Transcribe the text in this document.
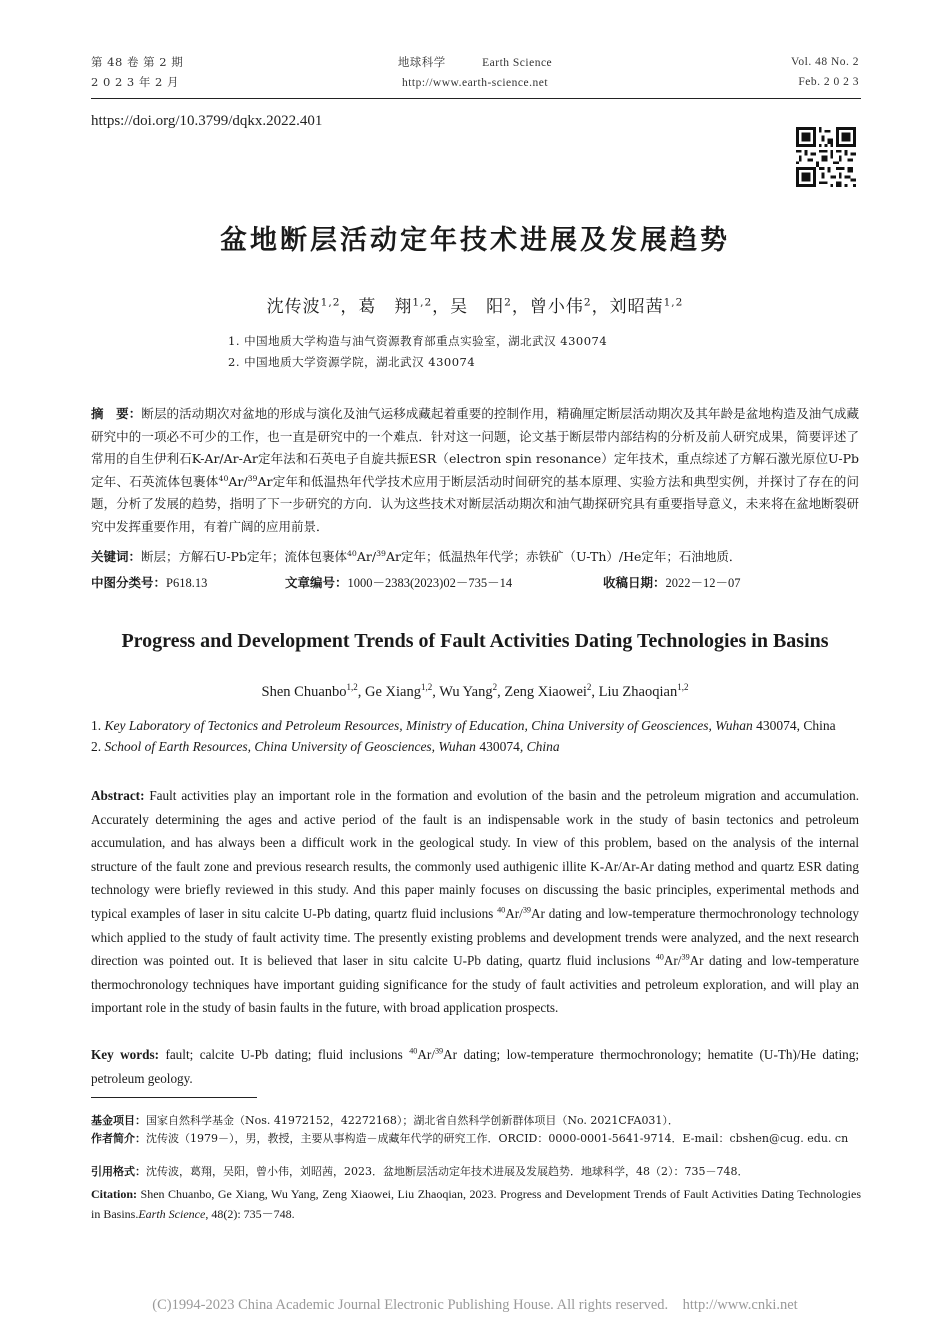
第 48 卷 第 2 期
2 0 2 3 年 2 月
地球科学	Earth Science
http://www.earth-science.net
Vol. 48 No. 2
Feb. 2 0 2 3
https://doi.org/10.3799/dqkx.2022.401
盆地断层活动定年技术进展及发展趋势
沈传波$^{1,2}$，葛　翔$^{1,2}$，吴　阳$^2$，曾小伟$^2$，刘昭茜$^{1,2}$
1. 中国地质大学构造与油气资源教育部重点实验室，湖北武汉 430074
2. 中国地质大学资源学院，湖北武汉 430074
摘　要：断层的活动期次对盆地的形成与演化及油气运移成藏起着重要的控制作用，精确厘定断层活动期次及其年龄是盆地构造及油气成藏研究中的一项必不可少的工作，也一直是研究中的一个难点．针对这一问题，论文基于断层带内部结构的分析及前人研究成果，简要评述了常用的自生伊利石K-Ar/Ar-Ar定年法和石英电子自旋共振ESR（electron spin resonance）定年技术，重点综述了方解石激光原位U-Pb定年、石英流体包裹体$^{40}$Ar/$^{39}$Ar定年和低温热年代学技术应用于断层活动时间研究的基本原理、实验方法和典型实例，并探讨了存在的问题，分析了发展的趋势，指明了下一步研究的方向．认为这些技术对断层活动期次和油气勘探研究具有重要指导意义，未来将在盆地断裂研究中发挥重要作用，有着广阔的应用前景．
关键词：断层；方解石U-Pb定年；流体包裹体$^{40}$Ar/$^{39}$Ar定年；低温热年代学；赤铁矿（U-Th）/He定年；石油地质．
中图分类号：P618.13	文章编号：1000－2383(2023)02－735－14	收稿日期：2022－12－07
Progress and Development Trends of Fault Activities Dating Technologies in Basins
Shen Chuanbo$^{1,2}$, Ge Xiang$^{1,2}$, Wu Yang$^2$, Zeng Xiaowei$^2$, Liu Zhaoqian$^{1,2}$
1. Key Laboratory of Tectonics and Petroleum Resources, Ministry of Education, China University of Geosciences, Wuhan 430074, China
2. School of Earth Resources, China University of Geosciences, Wuhan 430074, China
Abstract: Fault activities play an important role in the formation and evolution of the basin and the petroleum migration and accumulation. Accurately determining the ages and active period of the fault is an indispensable work in the study of basin tectonics and petroleum accumulation, and has always been a difficult work in the geological study. In view of this problem, based on the analysis of the internal structure of the fault zone and previous research results, the commonly used authigenic illite K-Ar/Ar-Ar dating method and quartz ESR dating technology were briefly reviewed in this study. And this paper mainly focuses on discussing the basic principles, experimental methods and typical examples of laser in situ calcite U-Pb dating, quartz fluid inclusions $^{40}$Ar/$^{39}$Ar dating and low-temperature thermochronology technology which applied to the study of fault activity time. The presently existing problems and development trends were analyzed, and the next research direction was pointed out. It is believed that laser in situ calcite U-Pb dating, quartz fluid inclusions $^{40}$Ar/$^{39}$Ar dating and low-temperature thermochronology techniques have important guiding significance for the study of fault activities and petroleum exploration, and will play an important role in the study of basin faults in the future, with broad application prospects.
Key words: fault; calcite U-Pb dating; fluid inclusions $^{40}$Ar/$^{39}$Ar dating; low-temperature thermochronology; hematite (U-Th)/He dating; petroleum geology.
基金项目：国家自然科学基金（Nos. 41972152，42272168）；湖北省自然科学创新群体项目（No. 2021CFA031）．
作者简介：沈传波（1979－），男，教授，主要从事构造－成藏年代学的研究工作．ORCID：0000-0001-5641-9714．E-mail：cbshen@cug. edu. cn
引用格式：沈传波，葛翔，吴阳，曾小伟，刘昭茜，2023．盆地断层活动定年技术进展及发展趋势．地球科学，48（2）：735－748．
Citation: Shen Chuanbo, Ge Xiang, Wu Yang, Zeng Xiaowei, Liu Zhaoqian, 2023. Progress and Development Trends of Fault Activities Dating Technologies in Basins.Earth Science, 48(2): 735－748.
(C)1994-2023 China Academic Journal Electronic Publishing House. All rights reserved.    http://www.cnki.net
